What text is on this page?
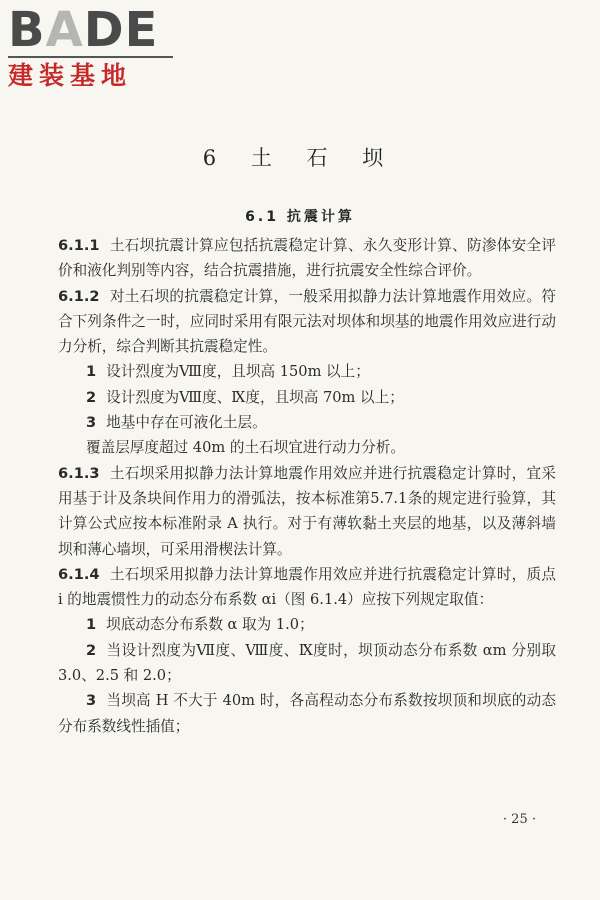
BADE
建装基地
6 土 石 坝
6.1 抗震计算

6.1.1 土石坝抗震计算应包括抗震稳定计算、永久变形计算、防渗体安全评价和液化判别等内容，结合抗震措施，进行抗震安全性综合评价。

6.1.2 对土石坝的抗震稳定计算，一般采用拟静力法计算地震作用效应。符合下列条件之一时，应同时采用有限元法对坝体和坝基的地震作用效应进行动力分析，综合判断其抗震稳定性。

1 设计烈度为Ⅷ度，且坝高 150m 以上；

2 设计烈度为Ⅷ度、Ⅸ度，且坝高 70m 以上；

3 地基中存在可液化土层。

覆盖层厚度超过 40m 的土石坝宜进行动力分析。

6.1.3 土石坝采用拟静力法计算地震作用效应并进行抗震稳定计算时，宜采用基于计及条块间作用力的滑弧法，按本标准第5.7.1条的规定进行验算，其计算公式应按本标准附录 A 执行。对于有薄软黏土夹层的地基，以及薄斜墙坝和薄心墙坝，可采用滑楔法计算。

6.1.4 土石坝采用拟静力法计算地震作用效应并进行抗震稳定计算时，质点 i 的地震惯性力的动态分布系数 αi（图 6.1.4）应按下列规定取值：

1 坝底动态分布系数 α 取为 1.0；

2 当设计烈度为Ⅶ度、Ⅷ度、Ⅸ度时，坝顶动态分布系数 αm 分别取 3.0、2.5 和 2.0；

3 当坝高 H 不大于 40m 时，各高程动态分布系数按坝顶和坝底的动态分布系数线性插值；

· 25 ·
